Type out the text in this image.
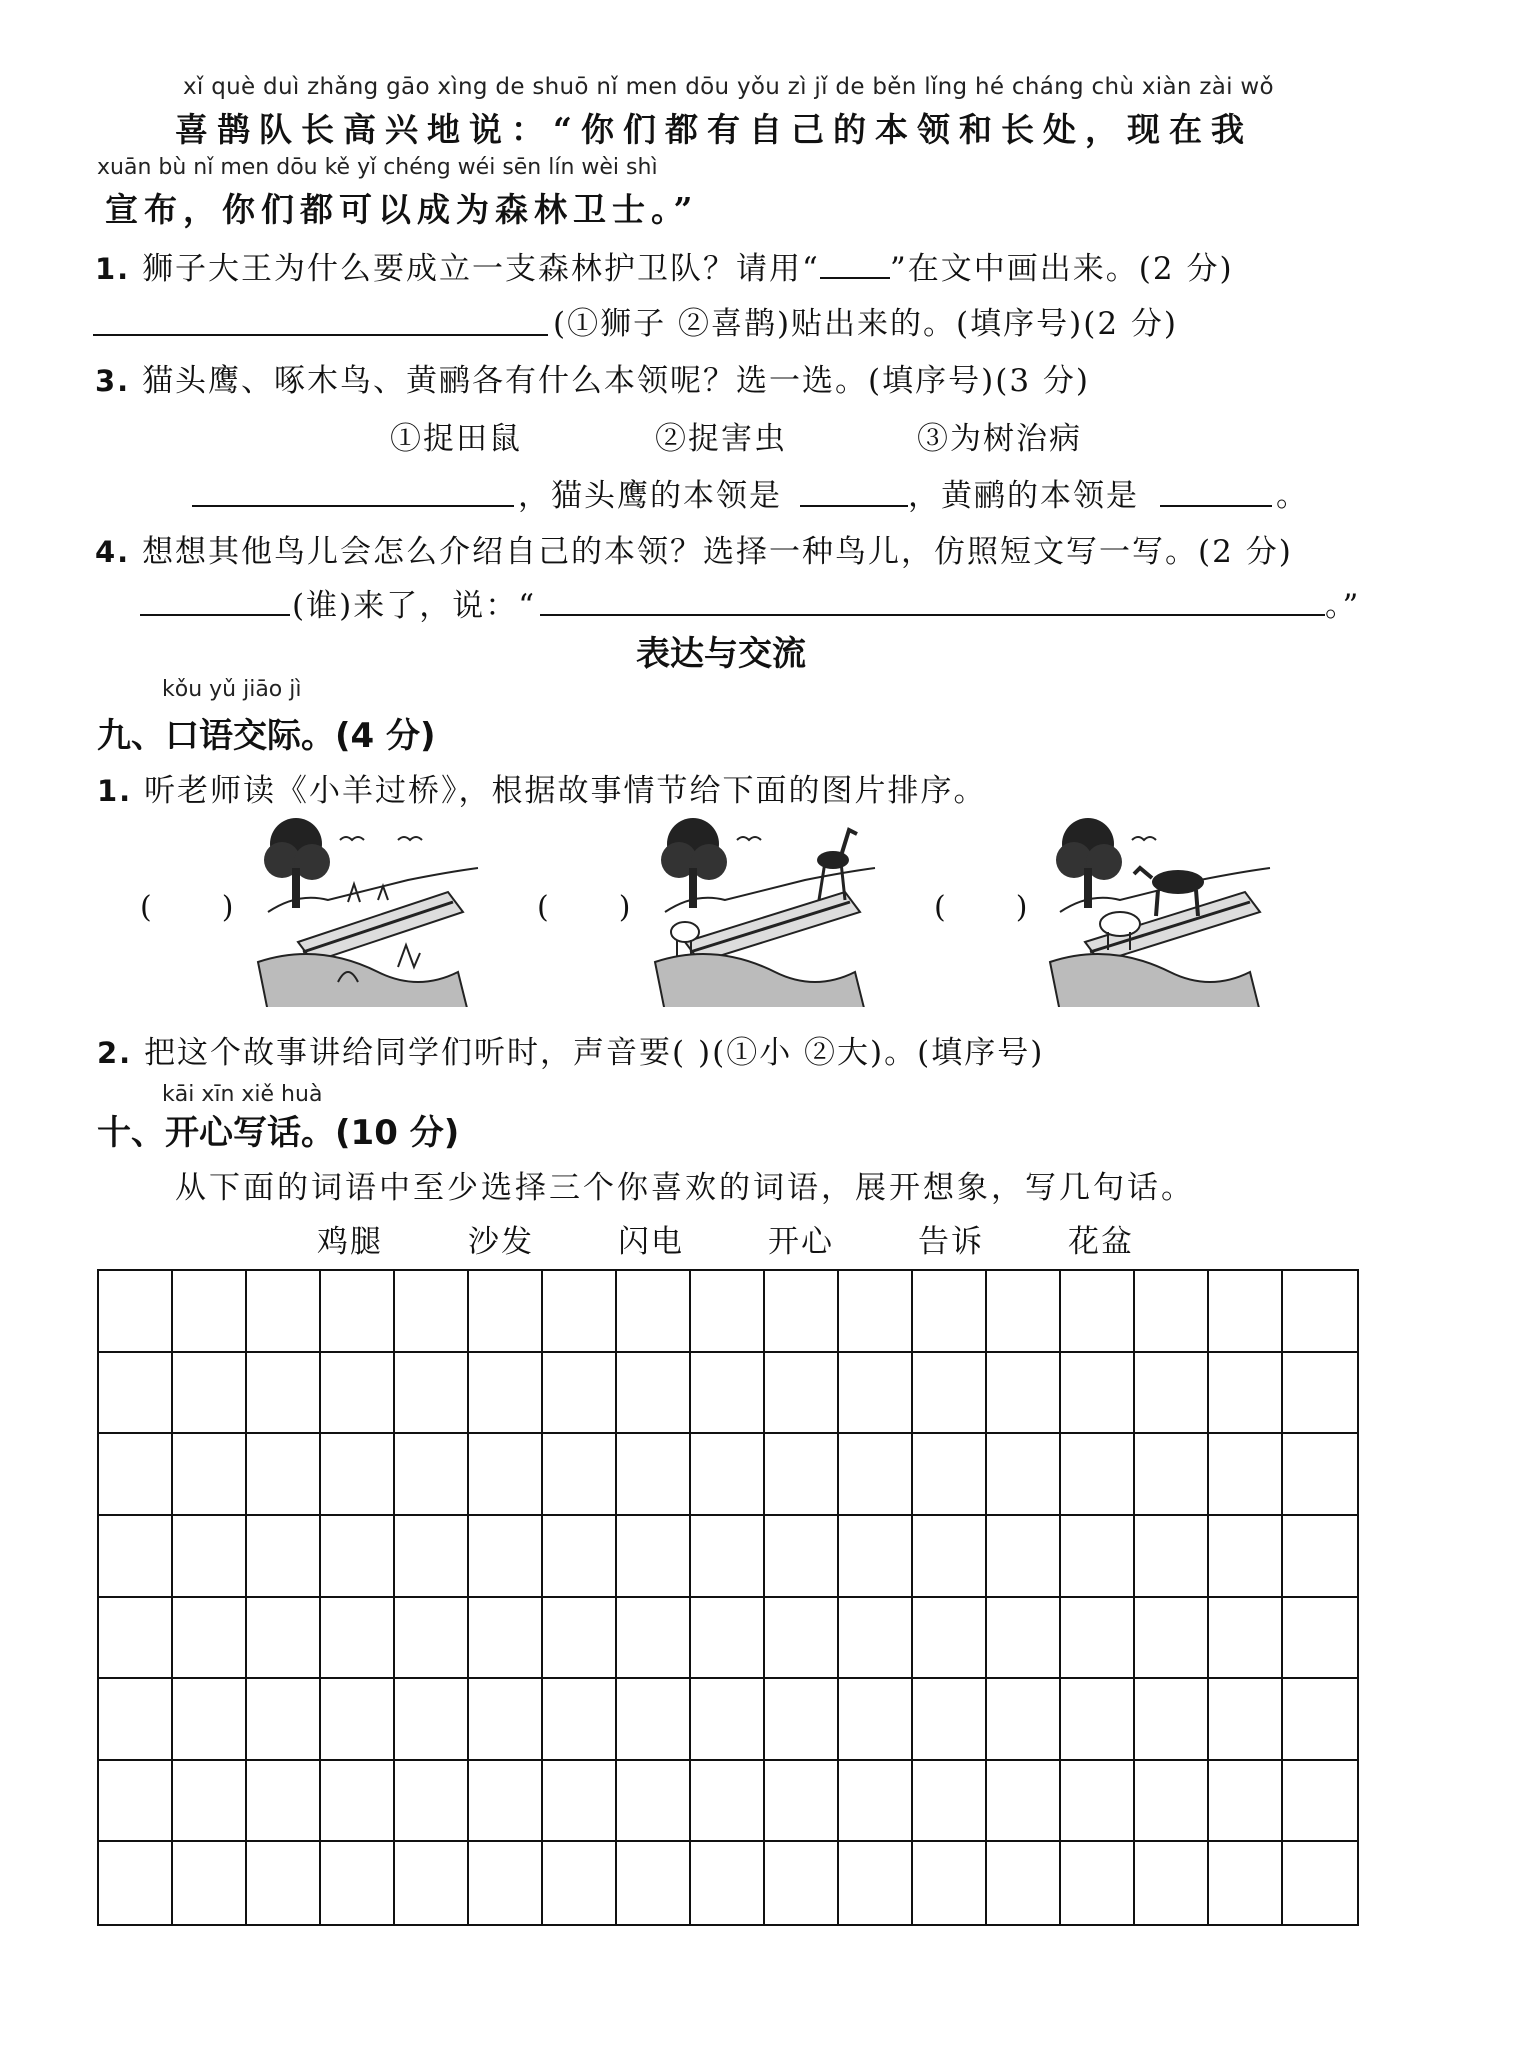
xǐ què duì zhǎng gāo xìng de shuō nǐ men dōu yǒu zì jǐ de běn lǐng hé cháng chù xiàn zài wǒ
喜鹊队长高兴地说：“你们都有自己的本领和长处，现在我
xuān bù nǐ men dōu kě yǐ chéng wéi sēn lín wèi shì
宣布，你们都可以成为森林卫士。”
1. 狮子大王为什么要成立一支森林护卫队？请用“ ”在文中画出来。(2 分)
(①狮子 ②喜鹊)贴出来的。(填序号)(2 分)
3. 猫头鹰、啄木鸟、黄鹂各有什么本领呢？选一选。(填序号)(3 分)
①捉田鼠	②捉害虫	③为树治病
，猫头鹰的本领是	，黄鹂的本领是	。
4. 想想其他鸟儿会怎么介绍自己的本领？选择一种鸟儿，仿照短文写一写。(2 分)
(谁)来了，说：“	。”
表达与交流
kǒu yǔ jiāo jì
九、口语交际。(4 分)
1. 听老师读《小羊过桥》，根据故事情节给下面的图片排序。
( )	( )	( )
2. 把这个故事讲给同学们听时，声音要( )(①小 ②大)。(填序号)
kāi xīn xiě huà
十、开心写话。(10 分)
从下面的词语中至少选择三个你喜欢的词语，展开想象，写几句话。
鸡腿	沙发	闪电	开心	告诉	花盆
